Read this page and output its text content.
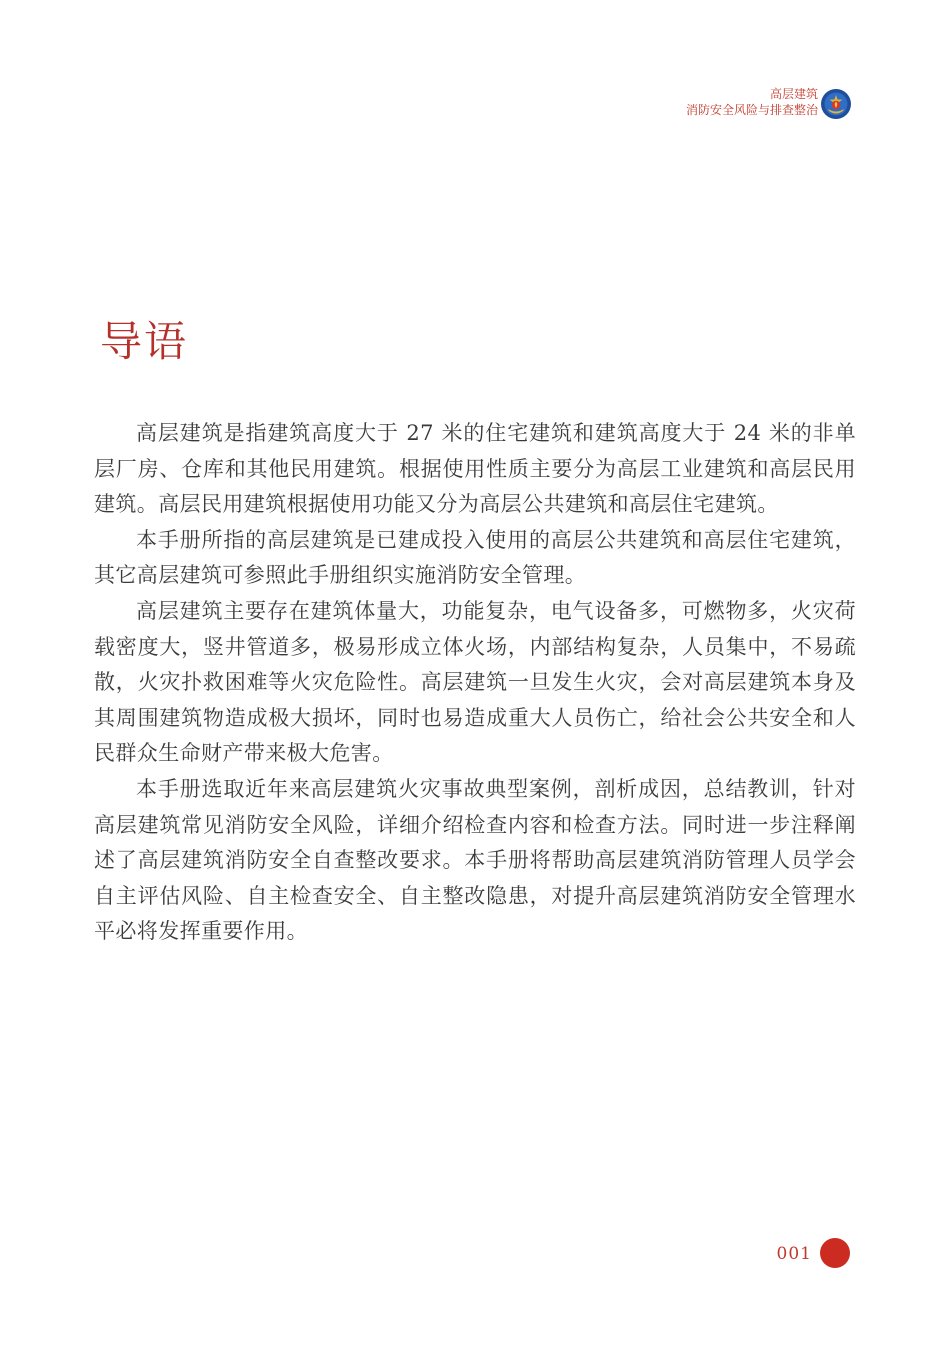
高层建筑
消防安全风险与排查整治
导语

高层建筑是指建筑高度大于 27 米的住宅建筑和建筑高度大于 24 米的非单层厂房、仓库和其他民用建筑。根据使用性质主要分为高层工业建筑和高层民用建筑。高层民用建筑根据使用功能又分为高层公共建筑和高层住宅建筑。

本手册所指的高层建筑是已建成投入使用的高层公共建筑和高层住宅建筑，其它高层建筑可参照此手册组织实施消防安全管理。

高层建筑主要存在建筑体量大，功能复杂，电气设备多，可燃物多，火灾荷载密度大，竖井管道多，极易形成立体火场，内部结构复杂，人员集中，不易疏散，火灾扑救困难等火灾危险性。高层建筑一旦发生火灾，会对高层建筑本身及其周围建筑物造成极大损坏，同时也易造成重大人员伤亡，给社会公共安全和人民群众生命财产带来极大危害。

本手册选取近年来高层建筑火灾事故典型案例，剖析成因，总结教训，针对高层建筑常见消防安全风险，详细介绍检查内容和检查方法。同时进一步注释阐述了高层建筑消防安全自查整改要求。本手册将帮助高层建筑消防管理人员学会自主评估风险、自主检查安全、自主整改隐患，对提升高层建筑消防安全管理水平必将发挥重要作用。

001
